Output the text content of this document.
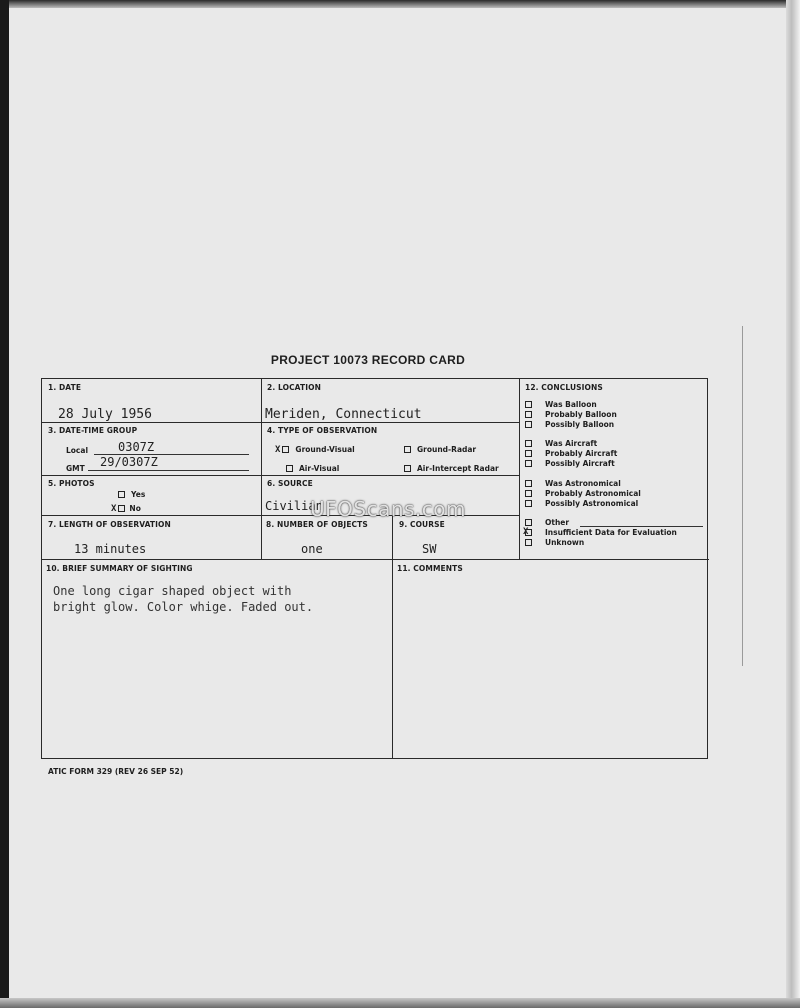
PROJECT 10073 RECORD CARD
1. DATE
28 July 1956
2. LOCATION
Meriden, Connecticut
3. DATE-TIME GROUP
Local 0307Z
GMT 29/0307Z
4. TYPE OF OBSERVATION
X Ground-Visual	Ground-Radar
Air-Visual	Air-Intercept Radar
5. PHOTOS
Yes
X No
6. SOURCE
Civilian
7. LENGTH OF OBSERVATION
13 minutes
8. NUMBER OF OBJECTS
one
9. COURSE
SW
10. BRIEF SUMMARY OF SIGHTING
One long cigar shaped object with
bright glow. Color whige. Faded out.
11. COMMENTS
12. CONCLUSIONS
Was Balloon
Probably Balloon
Possibly Balloon
Was Aircraft
Probably Aircraft
Possibly Aircraft
Was Astronomical
Probably Astronomical
Possibly Astronomical
Other
X Insufficient Data for Evaluation
Unknown
UFOScans.com
ATIC FORM 329 (REV 26 SEP 52)
